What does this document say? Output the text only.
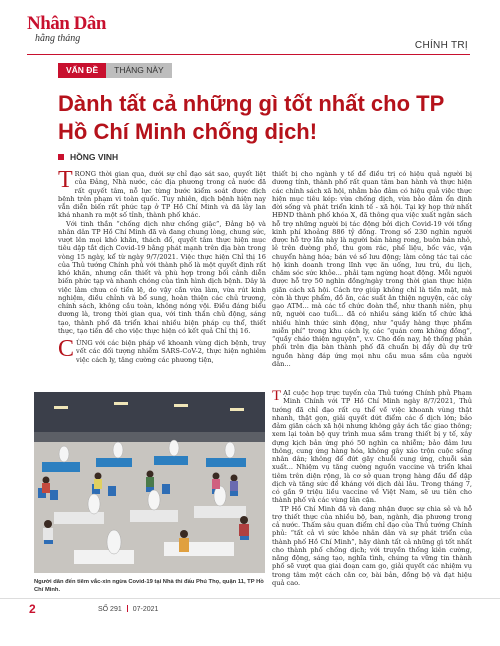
Nhân Dân
hằng tháng
CHÍNH TRỊ
VẤN ĐỀ	THÁNG NÀY
Dành tất cả những gì tốt nhất cho TP Hồ Chí Minh chống dịch!
HỒNG VINH

TRONG thời gian qua, dưới sự chỉ đạo sát sao, quyết liệt của Đảng, Nhà nước, các địa phương trong cả nước đã rất quyết tâm, nỗ lực từng bước kiểm soát được dịch bệnh trên phạm vi toàn quốc. Tuy nhiên, dịch bệnh hiện nay vẫn diễn biến rất phức tạp ở TP Hồ Chí Minh và đã lây lan khá nhanh ra một số tỉnh, thành phố khác.

Với tinh thần “chống dịch như chống giặc”, Đảng bộ và nhân dân TP Hồ Chí Minh đã và đang chung lòng, chung sức, vượt lên mọi khó khăn, thách đố, quyết tâm thực hiện mục tiêu dập tắt dịch Covid-19 bằng phát mạnh trên địa bàn trong vòng 15 ngày, kể từ ngày 9/7/2021. Việc thực hiện Chỉ thị 16 của Thủ tướng Chính phủ với thành phố là một quyết định rất khó khăn, nhưng cần thiết và phù hợp trong bối cảnh diễn biến phức tạp và nhanh chóng của tình hình dịch bệnh. Dây là việc làm chưa có tiền lệ, do vậy cần vừa làm, vừa rút kinh nghiệm, điều chỉnh và bổ sung, hoàn thiện các chủ trương, chính sách, không cầu toàn, không nóng vội. Điều đáng biểu dương là, trong thời gian qua, với tinh thần chủ động, sáng tạo, thành phố đã triển khai nhiều biện pháp cụ thể, thiết thực, tạo tiền đề cho việc thực hiện có kết quả Chỉ thị 16.

CÙNG với các biện pháp về khoanh vùng dịch bệnh, truy vết các đối tượng nhiễm SARS-CoV-2, thực hiện nghiêm việc cách ly, tăng cường các phương tiện,

Người dân đến tiêm vắc-xin ngừa Covid-19 tại Nhà thi đấu Phú Thọ, quận 11, TP Hồ Chí Minh.

thiết bị cho ngành y tế để điều trị có hiệu quả người bị dương tính, thành phố rất quan tâm ban hành và thực hiện các chính sách xã hội, nhằm bảo đảm có hiệu quả việc thực hiện mục tiêu kép: vừa chống dịch, vừa bảo đảm ổn định đời sống và phát triển kinh tế - xã hội. Tại kỳ họp thứ nhất HĐND thành phố khóa X, đã thông qua việc xuất ngân sách hỗ trợ những người bị tác động bởi dịch Covid-19 với tổng kinh phí khoảng 886 tỷ đồng. Trong số 230 nghìn người được hỗ trợ lần này là người bán hàng rong, buôn bán nhỏ, lẻ trên đường phố, thu gom rác, phế liệu, bốc vác, vận chuyển hàng hóa; bán vé số lưu động; làm công tác tại các hộ kinh doanh trong lĩnh vực ăn uống, lưu trú, du lịch, chăm sóc sức khỏe... phải tạm ngừng hoạt động. Mỗi người được hỗ trợ 50 nghìn đồng/ngày trong thời gian thực hiện giãn cách xã hội. Cách trợ giúp không chỉ là tiền mặt, mà còn là thực phẩm, đồ ăn, các suất ăn thiện nguyện, các cây gạo ATM... mà các tổ chức đoàn thể, như thanh niên, phụ nữ, người cao tuổi... đã có nhiều sáng kiến tổ chức khá nhiều hình thức sinh động, như “quầy hàng thực phẩm miễn phí” trong khu cách ly, các “quán cơm không đồng”, “quầy cháo thiện nguyện”, v.v. Cho đến nay, hệ thống phân phối trên địa bàn thành phố đã chuẩn bị đầy đủ dự trữ nguồn hàng đáp ứng mọi nhu cầu mua sắm của người dân...

TẠI cuộc họp trực tuyến của Thủ tướng Chính phủ Phạm Minh Chính với TP Hồ Chí Minh ngày 8/7/2021, Thủ tướng đã chỉ đạo rất cụ thể về việc khoanh vùng thật nhanh, thật gọn, giải quyết dứt điểm các ổ dịch lớn; bảo đảm giãn cách xã hội nhưng không gây ách tắc giao thông; xem lại toàn bộ quy trình mua sắm trang thiết bị y tế, xây dựng kịch bản ứng phó 50 nghìn ca nhiễm; bảo đảm lưu thông, cung ứng hàng hóa, không gây xáo trộn cuộc sống nhân dân; không để đứt gãy chuỗi cung ứng, chuỗi sản xuất... Nhiệm vụ tăng cường nguồn vaccine và triển khai tiêm trên diện rộng, là cơ sở quan trọng hàng đầu để dập dịch và tăng sức đề kháng với dịch dài lâu. Trong tháng 7, có gần 9 triệu liều vaccine về Việt Nam, sẽ ưu tiên cho thành phố và các vùng lân cận.

TP Hồ Chí Minh đã và đang nhận được sự chia sẻ và hỗ trợ thiết thực của nhiều bộ, ban, ngành, địa phương trong cả nước. Thấm sâu quan điểm chỉ đạo của Thủ tướng Chính phủ: “tất cả vì sức khỏe nhân dân và sự phát triển của thành phố Hồ Chí Minh”, hãy dành tất cả những gì tốt nhất cho thành phố chống dịch; với truyền thống kiên cường, năng động, sáng tạo, nghĩa tình, chúng ta vững tin thành phố sẽ vượt qua giai đoạn cam go, giải quyết các nhiệm vụ trong tâm một cách căn cơ, bài bản, đồng bộ và đạt hiệu quả cao.

2	SỐ 291 07-2021
